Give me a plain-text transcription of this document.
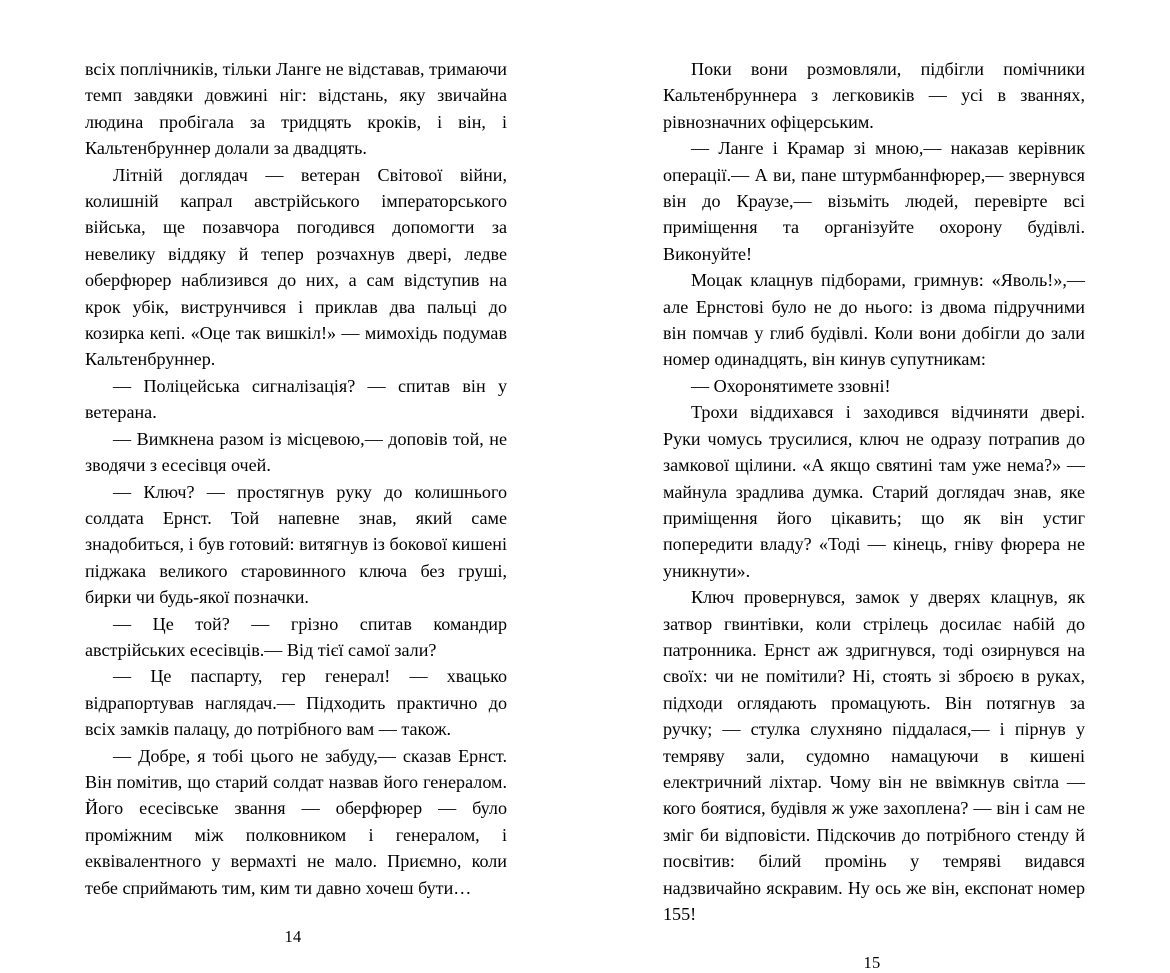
всіх поплічників, тільки Ланге не відставав, тримаючи темп завдяки довжині ніг: відстань, яку звичайна людина пробігала за тридцять кроків, і він, і Кальтенбруннер долали за двадцять.

Літній доглядач — ветеран Світової війни, колишній капрал австрійського імператорського війська, ще позавчора погодився допомогти за невелику віддяку й тепер розчахнув двері, ледве оберфюрер наблизився до них, а сам відступив на крок убік, виструнчився і приклав два пальці до козирка кепі. «Оце так вишкіл!» — мимохідь подумав Кальтенбруннер.

— Поліцейська сигналізація? — спитав він у ветерана.

— Вимкнена разом із місцевою,— доповів той, не зводячи з есесівця очей.

— Ключ? — простягнув руку до колишнього солдата Ернст. Той напевне знав, який саме знадобиться, і був готовий: витягнув із бокової кишені піджака великого старовинного ключа без грушi, бирки чи будь-якої позначки.

— Це той? — грізно спитав командир австрійських есесівців.— Від тієї самої зали?

— Це паспарту, гер генерал! — хвацько відрапортував наглядач.— Підходить практично до всіх замків палацу, до потрібного вам — також.

— Добре, я тобі цього не забуду,— сказав Ернст. Він помітив, що старий солдат назвав його генералом. Його есесівське звання — оберфюрер — було проміжним між полковником і генералом, і еквівалентного у вермахті не мало. Приємно, коли тебе сприймають тим, ким ти давно хочеш бути…

14

Поки вони розмовляли, підбігли помічники Кальтенбруннера з легковиків — усі в званнях, рівнозначних офіцерським.

— Ланге і Крамар зі мною,— наказав керівник операції.— А ви, пане штурмбаннфюрер,— звернувся він до Краузе,— візьміть людей, перевірте всі приміщення та організуйте охорону будівлі. Виконуйте!

Моцак клацнув підборами, гримнув: «Яволь!»,— але Ернстові було не до нього: із двома підручними він помчав у глиб будівлі. Коли вони добігли до зали номер одинадцять, він кинув супутникам:

— Охоронятимете ззовні!

Трохи віддихався і заходився відчиняти двері. Руки чомусь трусилися, ключ не одразу потрапив до замкової щілини. «А якщо святині там уже нема?» — майнула зрадлива думка. Старий доглядач знав, яке приміщення його цікавить; що як він устиг попередити владу? «Тоді — кінець, гніву фюрера не уникнути».

Ключ провернувся, замок у дверях клацнув, як затвор гвинтівки, коли стрілець досилає набій до патронника. Ернст аж здригнувся, тоді озирнувся на своїх: чи не помітили? Ні, стоять зі зброєю в руках, підходи оглядають промацують. Він потягнув за ручку; — стулка слухняно піддалася,— і пірнув у темряву зали, судомно намацуючи в кишені електричний ліхтар. Чому він не ввімкнув світла — кого боятися, будівля ж уже захоплена? — він і сам не зміг би відповісти. Підскочив до потрібного стенду й посвітив: білий промінь у темряві видався надзвичайно яскравим. Ну ось же він, експонат номер 155!

15
